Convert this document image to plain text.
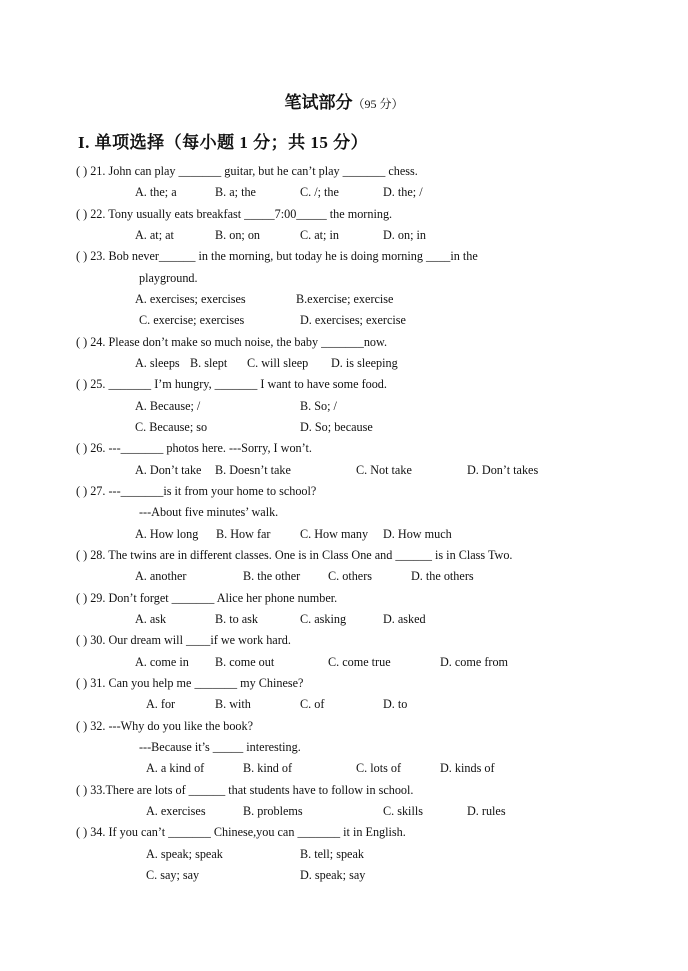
笔试部分（95 分）
I. 单项选择（每小题 1 分；共 15 分）
( ) 21. John can play _______ guitar, but he can’t play _______ chess.
A. the; a	B. a; the	C. /; the	D. the; /
( ) 22. Tony usually eats breakfast _____7:00_____ the morning.
A. at; at	B. on; on	C. at; in	D. on; in
( ) 23. Bob never______ in the morning, but today he is doing morning ____in the
playground.
A. exercises; exercises	B.exercise; exercise
C. exercise; exercises	D. exercises; exercise
( ) 24. Please don’t make so much noise, the baby _______now.
A. sleeps B. slept C. will sleep D. is sleeping
( ) 25. _______ I’m hungry, _______ I want to have some food.
A. Because; /	B. So; /
C. Because; so	D. So; because
( ) 26. ---_______ photos here. ---Sorry, I won’t.
A. Don’t take B. Doesn’t take	C. Not take	D. Don’t takes
( ) 27. ---_______is it from your home to school?
---About five minutes’ walk.
A. How long B. How far C. How many D. How much
( ) 28. The twins are in different classes. One is in Class One and ______ is in Class Two.
A. another	B. the other C. others	D. the others
( ) 29. Don’t forget _______ Alice her phone number.
A. ask	B. to ask	C. asking	D. asked
( ) 30. Our dream will ____if we work hard.
A. come in B. come out	C. come true	D. come from
( ) 31. Can you help me _______ my Chinese?
A. for	B. with	C. of	D. to
( ) 32. ---Why do you like the book?
---Because it’s _____ interesting.
A. a kind of	B. kind of	C. lots of	D. kinds of
( ) 33.There are lots of ______ that students have to follow in school.
A. exercises	B. problems	C. skills	D. rules
( ) 34. If you can’t _______ Chinese,you can _______ it in English.
A. speak; speak	B. tell; speak
C. say; say	D. speak; say
